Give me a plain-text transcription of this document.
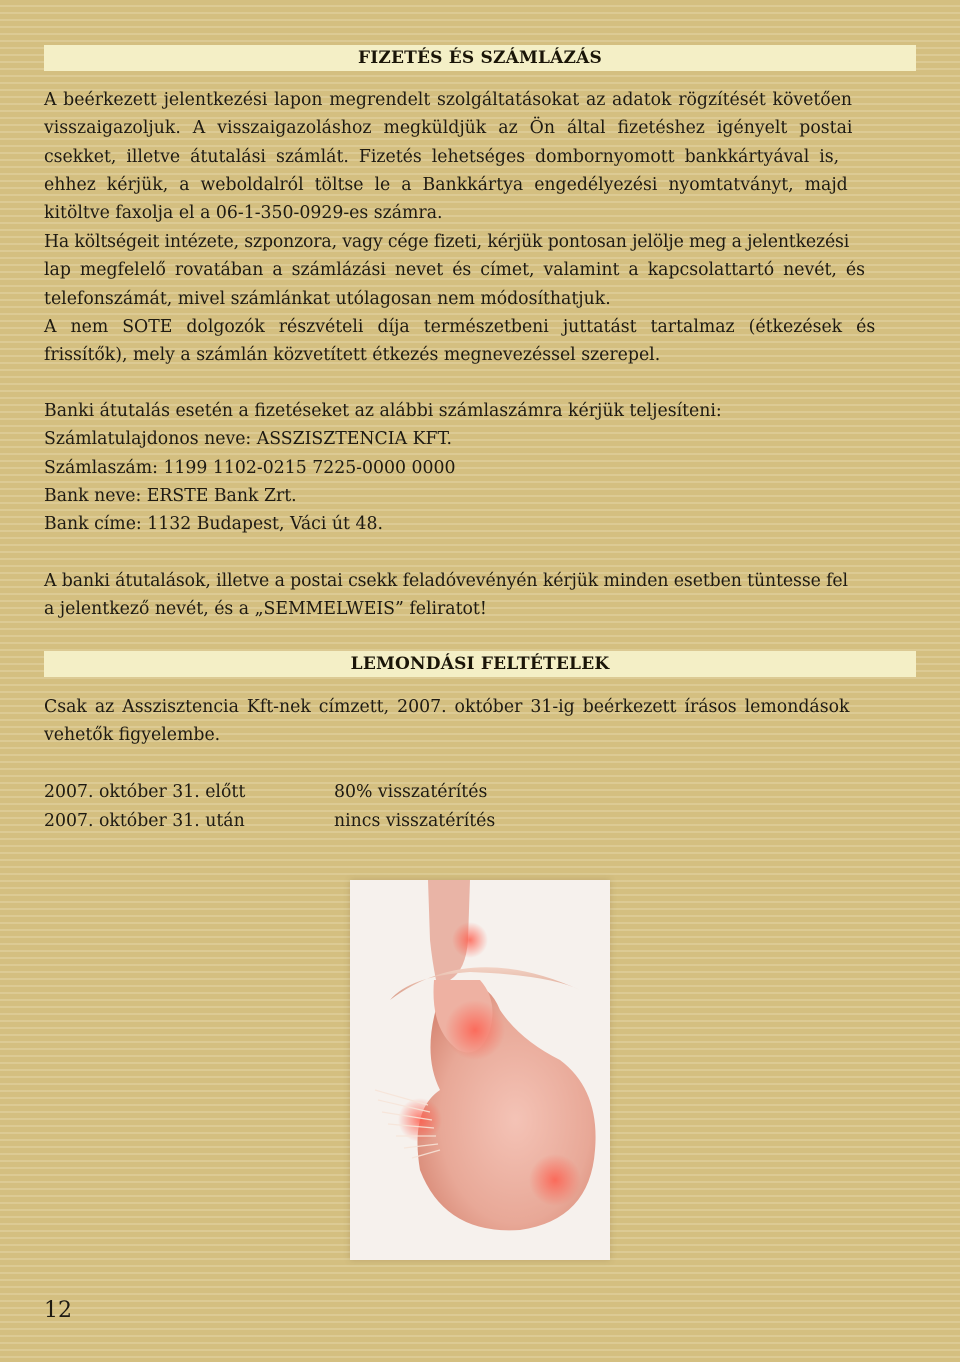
FIZETÉS ÉS SZÁMLÁZÁS
A beérkezett jelentkezési lapon megrendelt szolgáltatásokat az adatok rögzítését követően
visszaigazoljuk. A visszaigazoláshoz megküldjük az Ön által fizetéshez igényelt postai
csekket, illetve átutalási számlát. Fizetés lehetséges dombornyomott bankkártyával is,
ehhez kérjük, a weboldalról töltse le a Bankkártya engedélyezési nyomtatványt, majd
kitöltve faxolja el a 06-1-350-0929-es számra.
Ha költségeit intézete, szponzora, vagy cége fizeti, kérjük pontosan jelölje meg a jelentkezési
lap megfelelő rovatában a számlázási nevet és címet, valamint a kapcsolattartó nevét, és
telefonszámát, mivel számlánkat utólagosan nem módosíthatjuk.
A nem SOTE dolgozók részvételi díja természetbeni juttatást tartalmaz (étkezések és
frissítők), mely a számlán közvetített étkezés megnevezéssel szerepel.
Banki átutalás esetén a fizetéseket az alábbi számlaszámra kérjük teljesíteni:
Számlatulajdonos neve: ASSZISZTENCIA KFT.
Számlaszám: 1199 1102-0215 7225-0000 0000
Bank neve: ERSTE Bank Zrt.
Bank címe: 1132 Budapest, Váci út 48.
A banki átutalások, illetve a postai csekk feladóvevényén kérjük minden esetben tüntesse fel
a jelentkező nevét, és a „SEMMELWEIS” feliratot!
LEMONDÁSI FELTÉTELEK
Csak az Asszisztencia Kft-nek címzett, 2007. október 31-ig beérkezett írásos lemondások
vehetők figyelembe.
2007. október 31. előtt	80% visszatérítés
2007. október 31. után	nincs visszatérítés
12
